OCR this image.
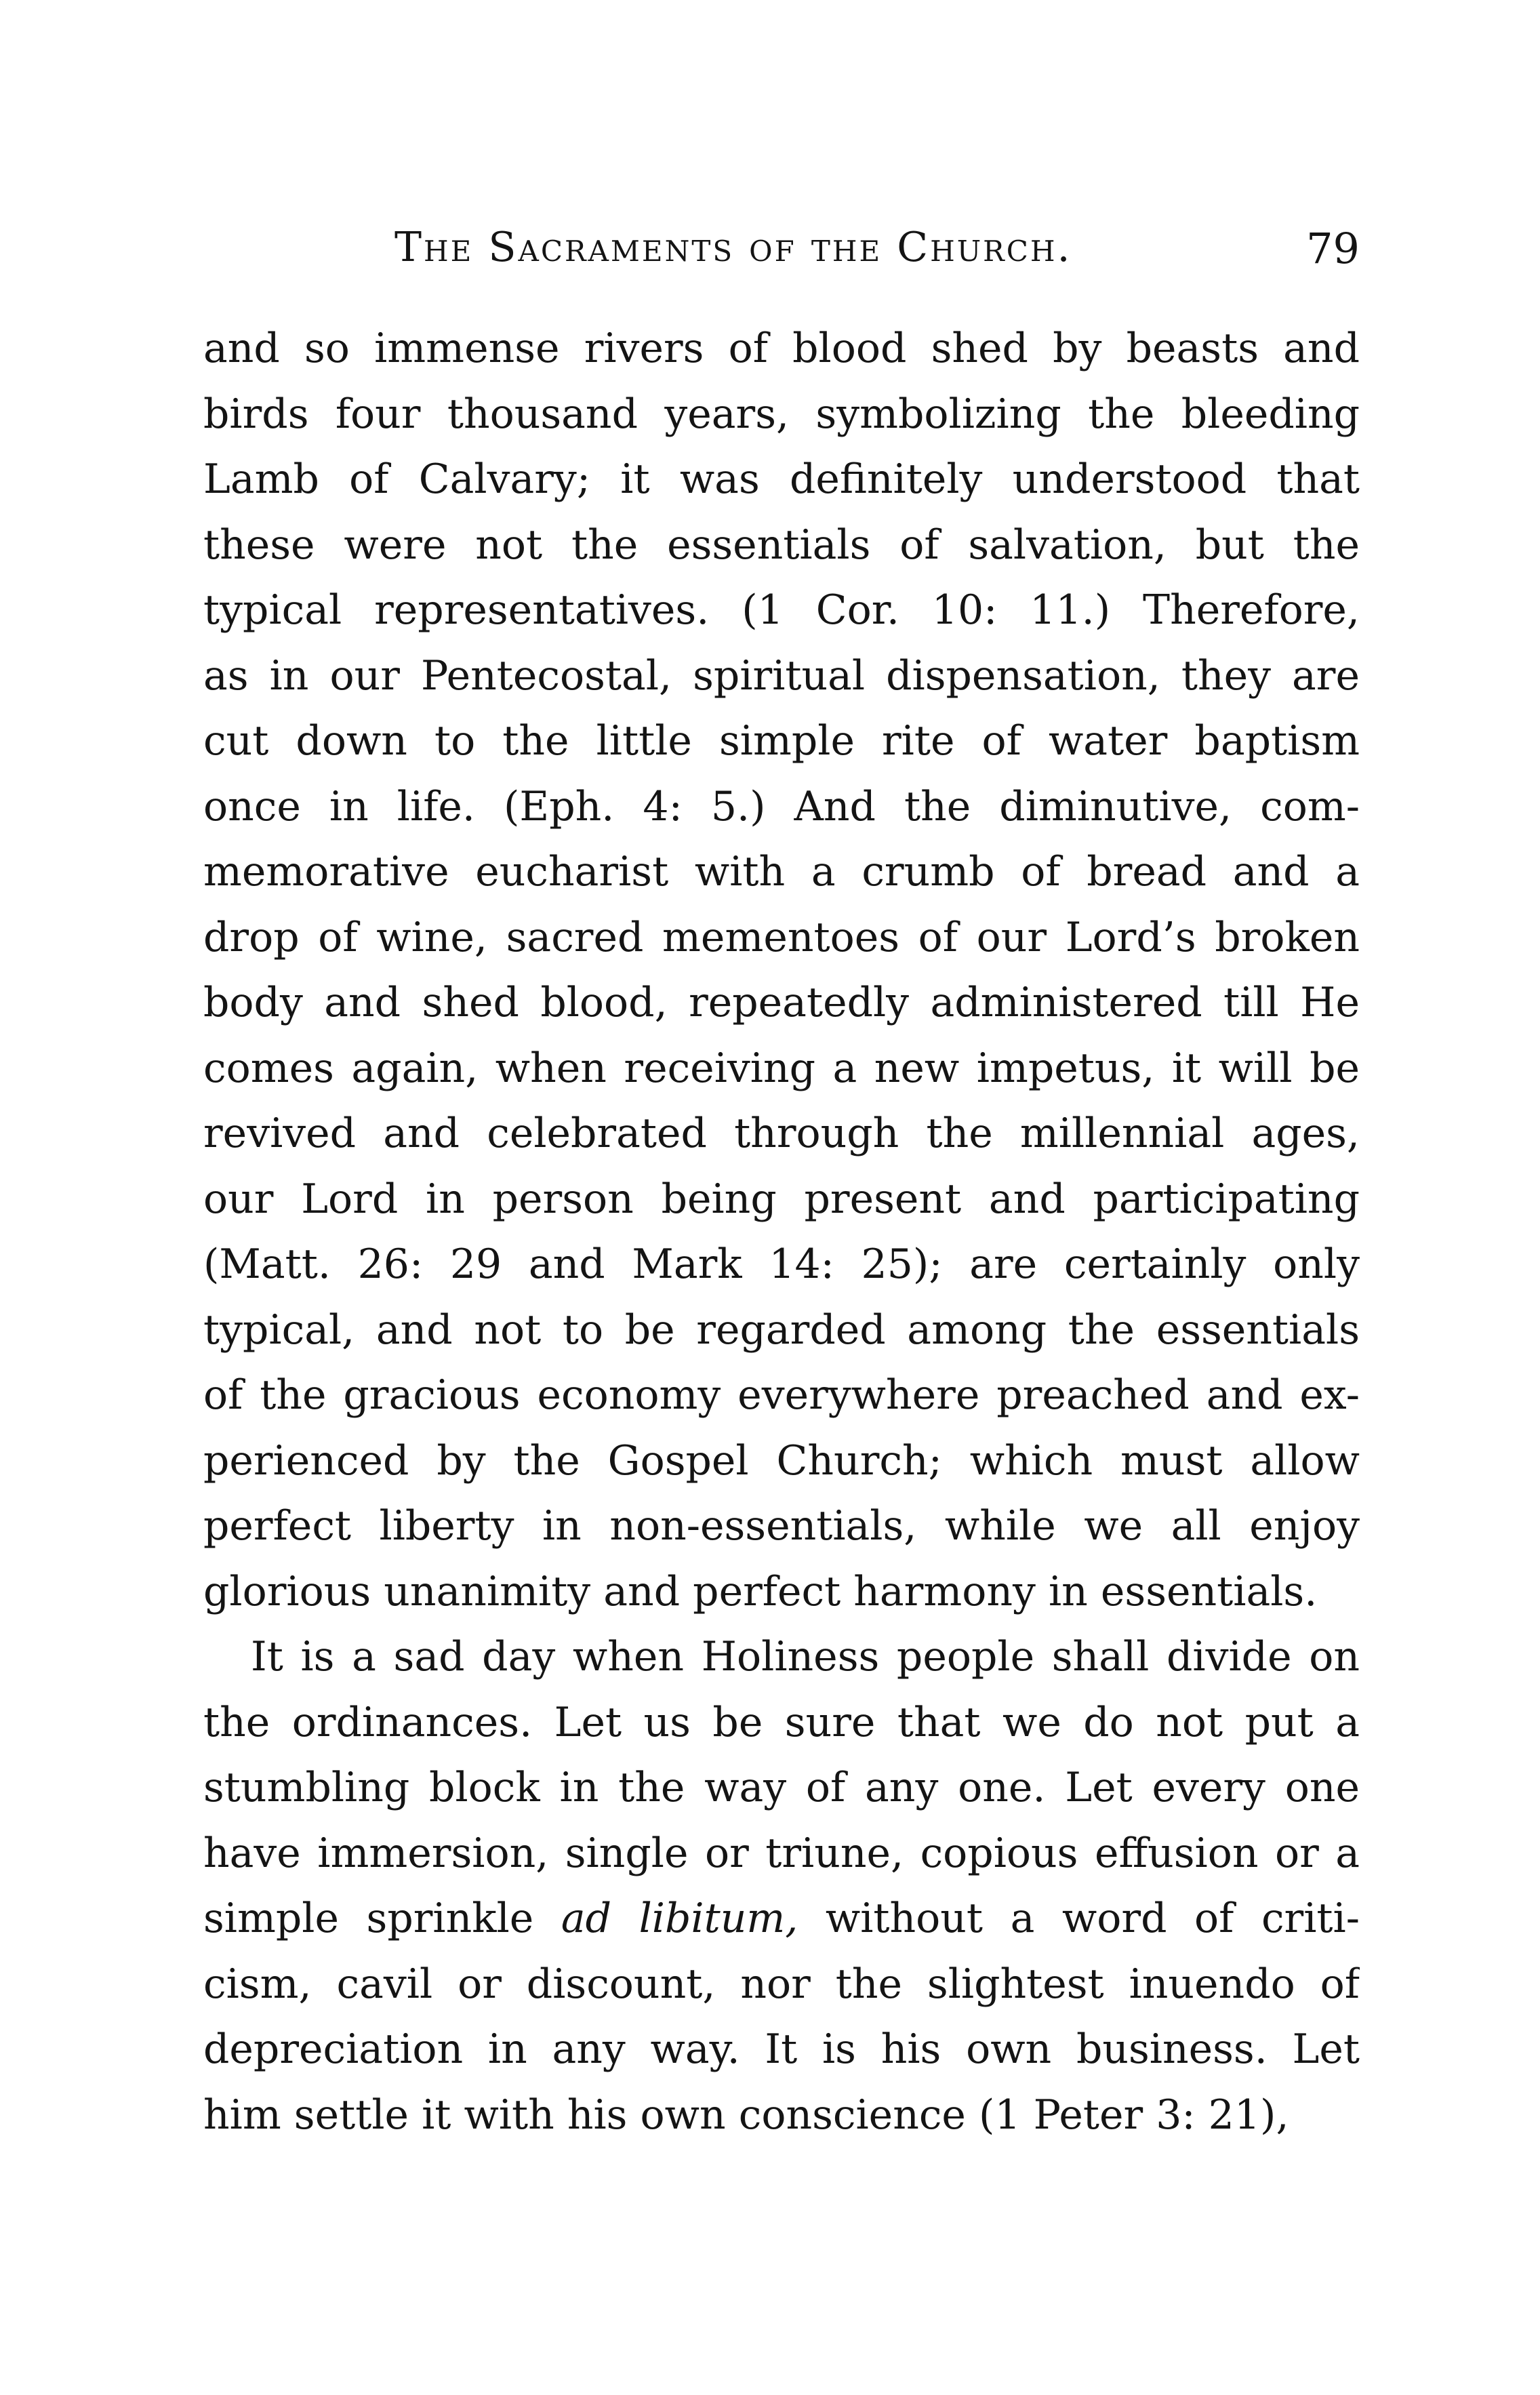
The Sacraments of the Church.	79
and so immense rivers of blood shed by beasts and
birds four thousand years, symbolizing the bleeding
Lamb of Calvary; it was definitely understood that
these were not the essentials of salvation, but the
typical representatives. (1 Cor. 10: 11.) Therefore,
as in our Pentecostal, spiritual dispensation, they are
cut down to the little simple rite of water baptism
once in life. (Eph. 4: 5.) And the diminutive, com-
memorative eucharist with a crumb of bread and a
drop of wine, sacred mementoes of our Lord’s broken
body and shed blood, repeatedly administered till He
comes again, when receiving a new impetus, it will be
revived and celebrated through the millennial ages,
our Lord in person being present and participating
(Matt. 26: 29 and Mark 14: 25); are certainly only
typical, and not to be regarded among the essentials
of the gracious economy everywhere preached and ex-
perienced by the Gospel Church; which must allow
perfect liberty in non-essentials, while we all enjoy
glorious unanimity and perfect harmony in essentials.
It is a sad day when Holiness people shall divide on
the ordinances. Let us be sure that we do not put a
stumbling block in the way of any one. Let every one
have immersion, single or triune, copious effusion or a
simple sprinkle ad libitum, without a word of criti-
cism, cavil or discount, nor the slightest inuendo of
depreciation in any way. It is his own business. Let
him settle it with his own conscience (1 Peter 3: 21),
